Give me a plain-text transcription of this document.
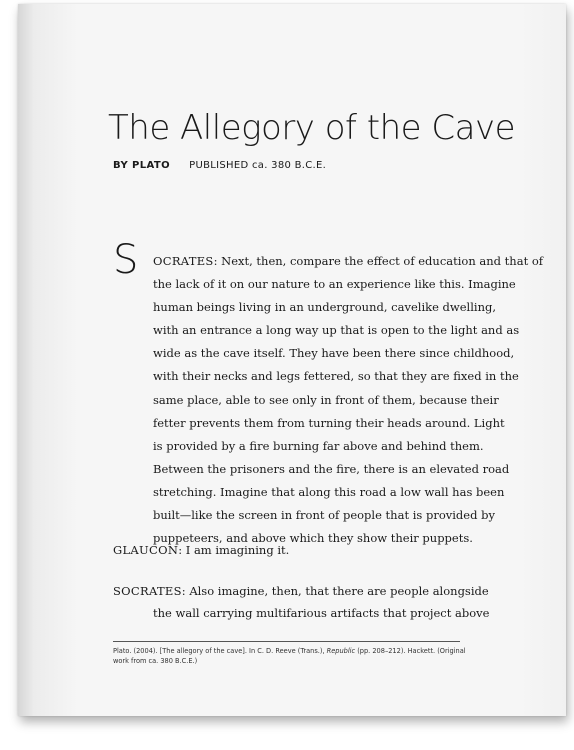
The Allegory of the Cave
BY PLATO PUBLISHED ca. 380 B.C.E.
S OCRATES: Next, then, compare the effect of education and that of
the lack of it on our nature to an experience like this. Imagine
human beings living in an underground, cavelike dwelling,
with an entrance a long way up that is open to the light and as
wide as the cave itself. They have been there since childhood,
with their necks and legs fettered, so that they are fixed in the
same place, able to see only in front of them, because their
fetter prevents them from turning their heads around. Light
is provided by a fire burning far above and behind them.
Between the prisoners and the fire, there is an elevated road
stretching. Imagine that along this road a low wall has been
built—like the screen in front of people that is provided by
puppeteers, and above which they show their puppets.
GLAUCON: I am imagining it.
SOCRATES: Also imagine, then, that there are people alongside
the wall carrying multifarious artifacts that project above
Plato. (2004). [The allegory of the cave]. In C. D. Reeve (Trans.), Republic (pp. 208–212). Hackett. (Original
work from ca. 380 B.C.E.)
